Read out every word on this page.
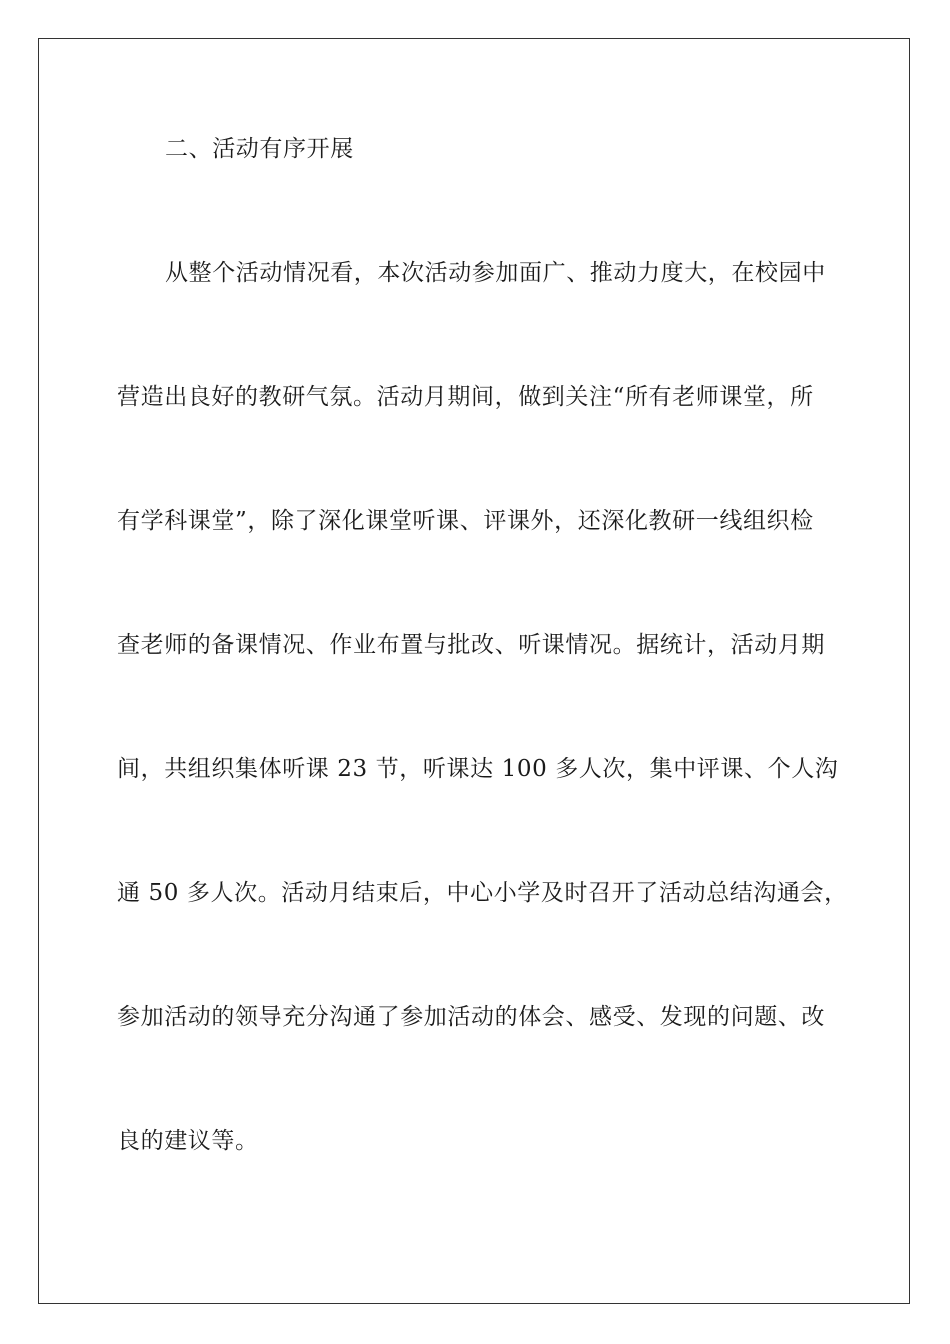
二、活动有序开展
从整个活动情况看，本次活动参加面广、推动力度大，在校园中
营造出良好的教研气氛。活动月期间，做到关注“所有老师课堂，所
有学科课堂”，除了深化课堂听课、评课外，还深化教研一线组织检
查老师的备课情况、作业布置与批改、听课情况。据统计，活动月期
间，共组织集体听课 23 节，听课达 100 多人次，集中评课、个人沟
通 50 多人次。活动月结束后，中心小学及时召开了活动总结沟通会，
参加活动的领导充分沟通了参加活动的体会、感受、发现的问题、改
良的建议等。
